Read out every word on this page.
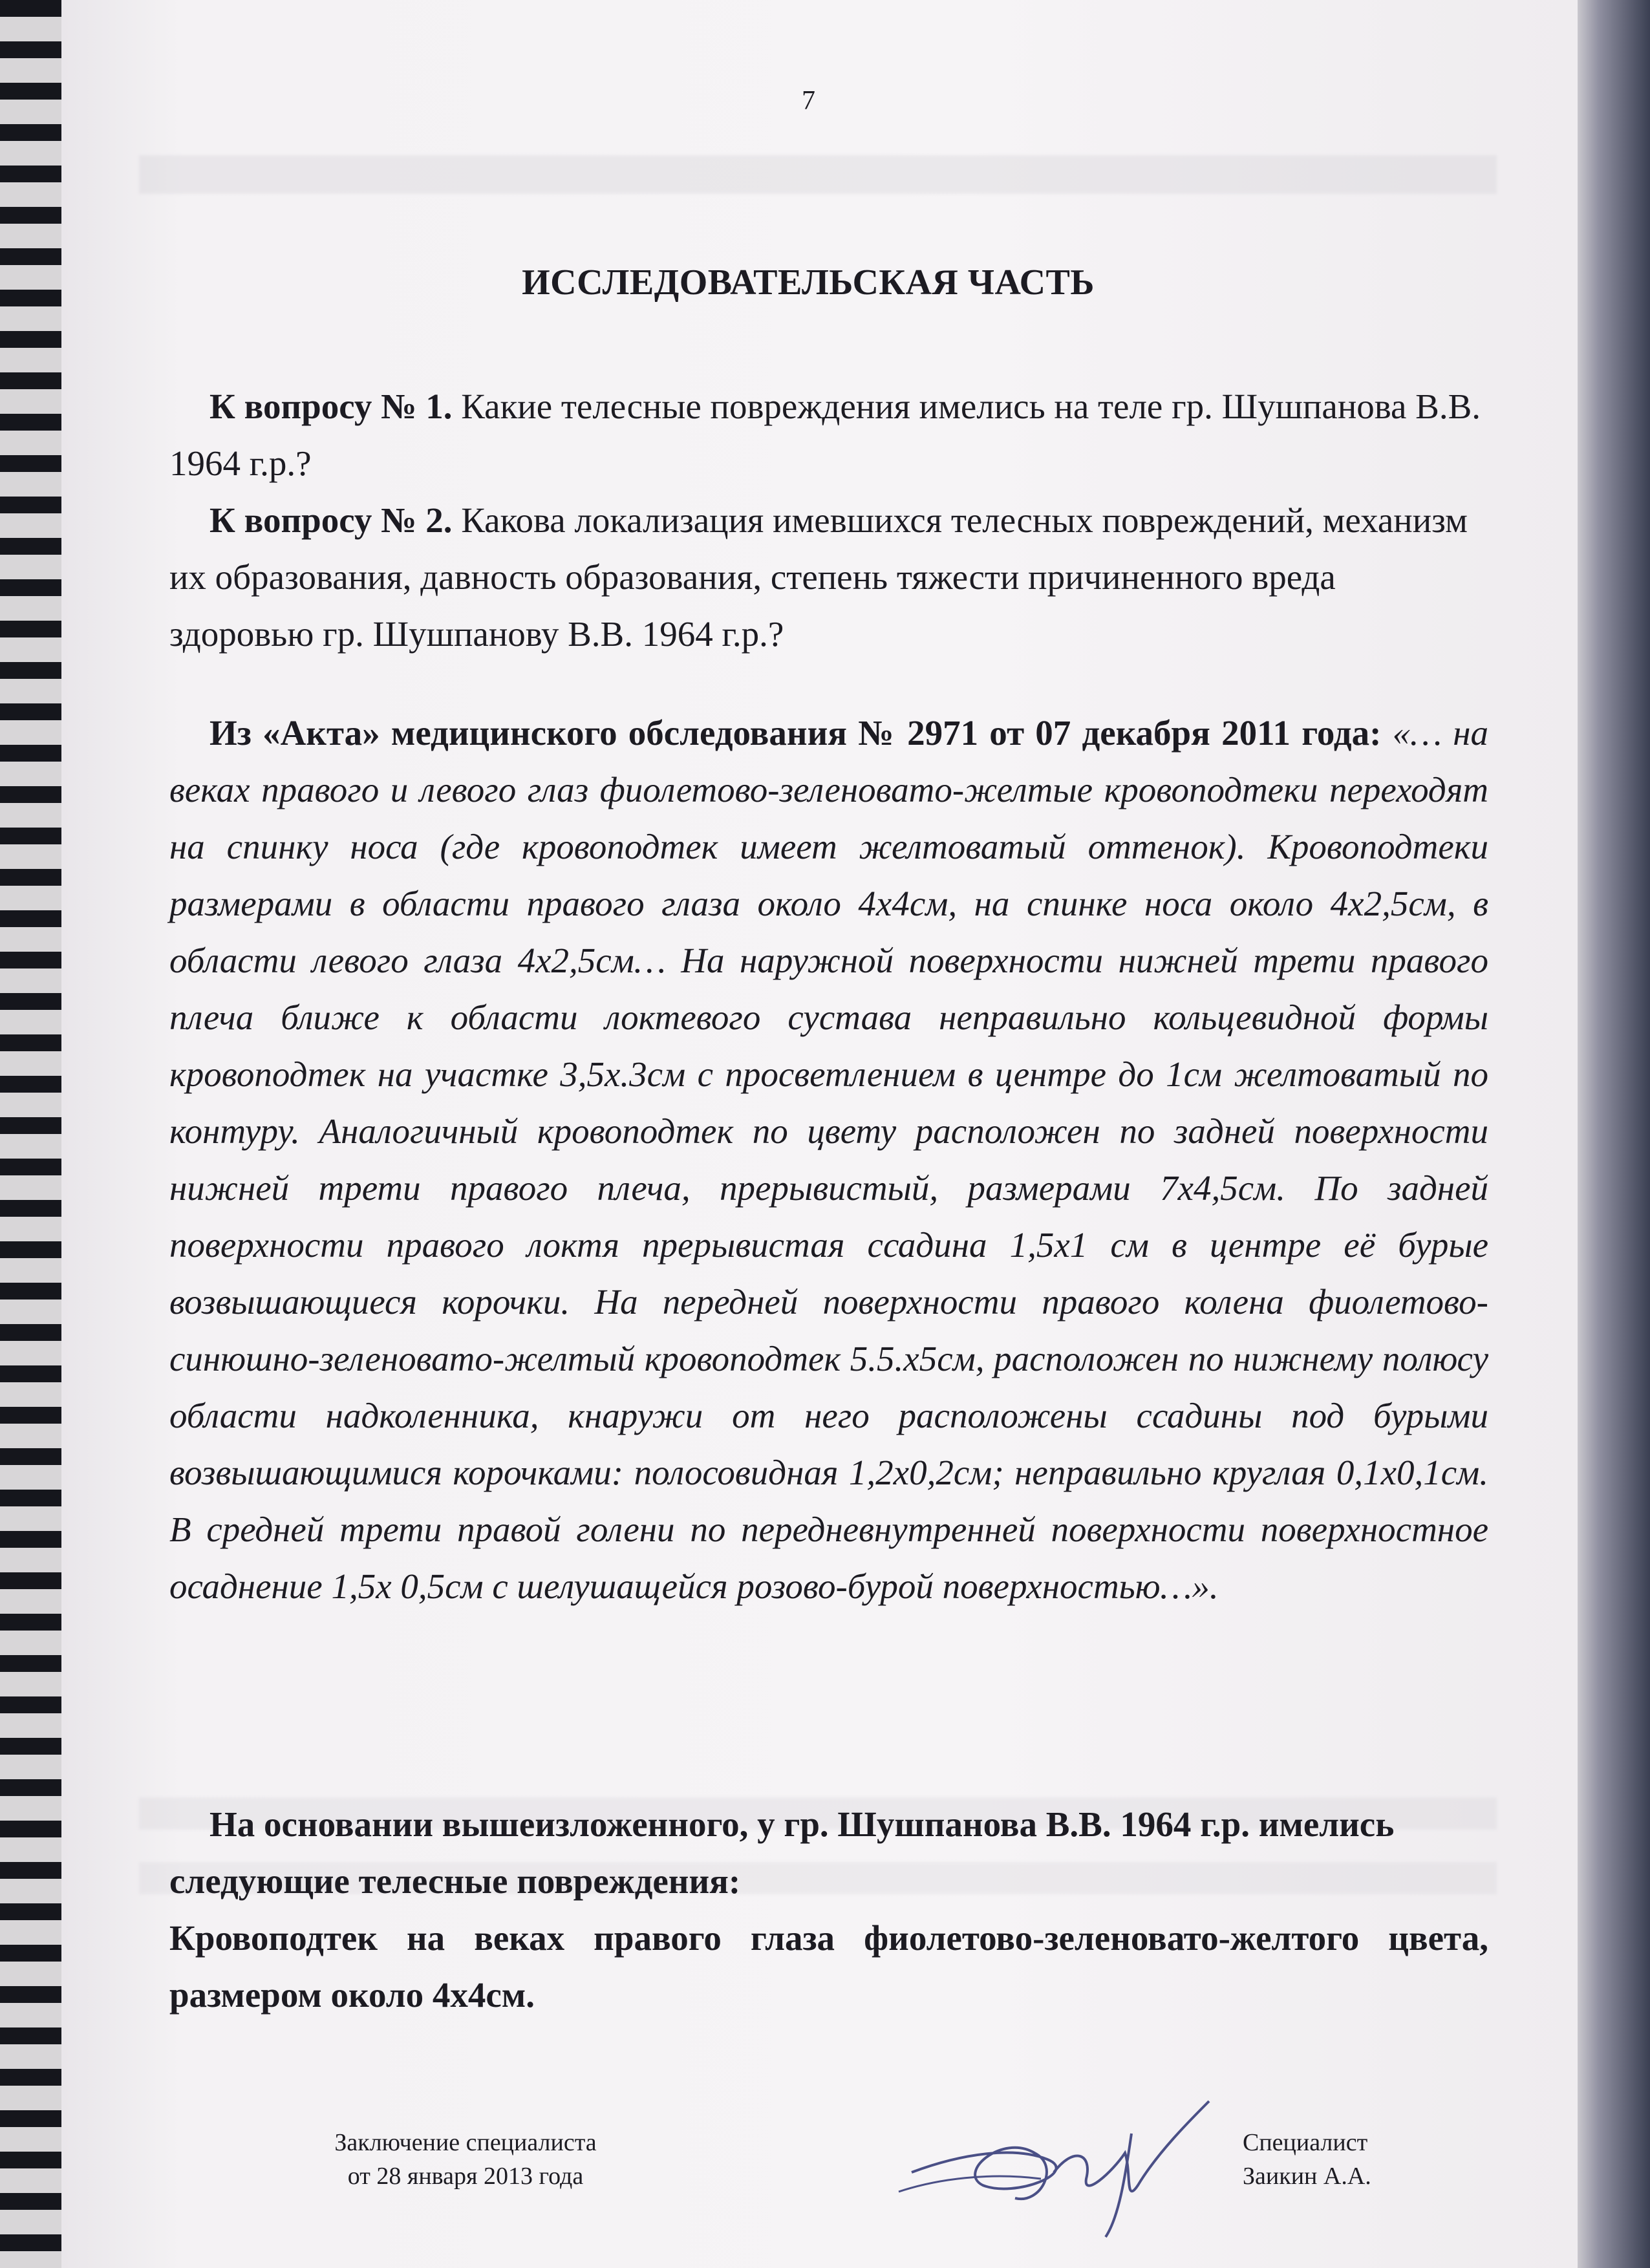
7
ИССЛЕДОВАТЕЛЬСКАЯ ЧАСТЬ

К вопросу № 1. Какие телесные повреждения имелись на теле гр. Шушпанова В.В. 1964 г.р.?

К вопросу № 2. Какова локализация имевшихся телесных повреждений, механизм их образования, давность образования, степень тяжести причиненного вреда здоровью гр. Шушпанову В.В. 1964 г.р.?

Из «Акта» медицинского обследования № 2971 от 07 декабря 2011 года: «… на веках правого и левого глаз фиолетово-зеленовато-желтые кровоподтеки переходят на спинку носа (где кровоподтек имеет желтоватый оттенок). Кровоподтеки размерами в области правого глаза около 4х4см, на спинке носа около 4х2,5см, в области левого глаза 4х2,5см… На наружной поверхности нижней трети правого плеча ближе к области локтевого сустава неправильно кольцевидной формы кровоподтек на участке 3,5х.3см с просветлением в центре до 1см желтоватый по контуру. Аналогичный кровоподтек по цвету расположен по задней поверхности нижней трети правого плеча, прерывистый, размерами 7х4,5см. По задней поверхности правого локтя прерывистая ссадина 1,5х1 см в центре её бурые возвышающиеся корочки. На передней поверхности правого колена фиолетово-синюшно-зеленовато-желтый кровоподтек 5.5.х5см, расположен по нижнему полюсу области надколенника, кнаружи от него расположены ссадины под бурыми возвышающимися корочками: полосовидная 1,2х0,2см; неправильно круглая 0,1х0,1см. В средней трети правой голени по передневнутренней поверхности поверхностное осаднение 1,5х 0,5см с шелушащейся розово-бурой поверхностью…».

На основании вышеизложенного, у гр. Шушпанова В.В. 1964 г.р. имелись следующие телесные повреждения:

Кровоподтек на веках правого глаза фиолетово-зеленовато-желтого цвета, размером около 4х4см.

Заключение специалиста
от 28 января 2013 года
Специалист
Заикин А.А.
